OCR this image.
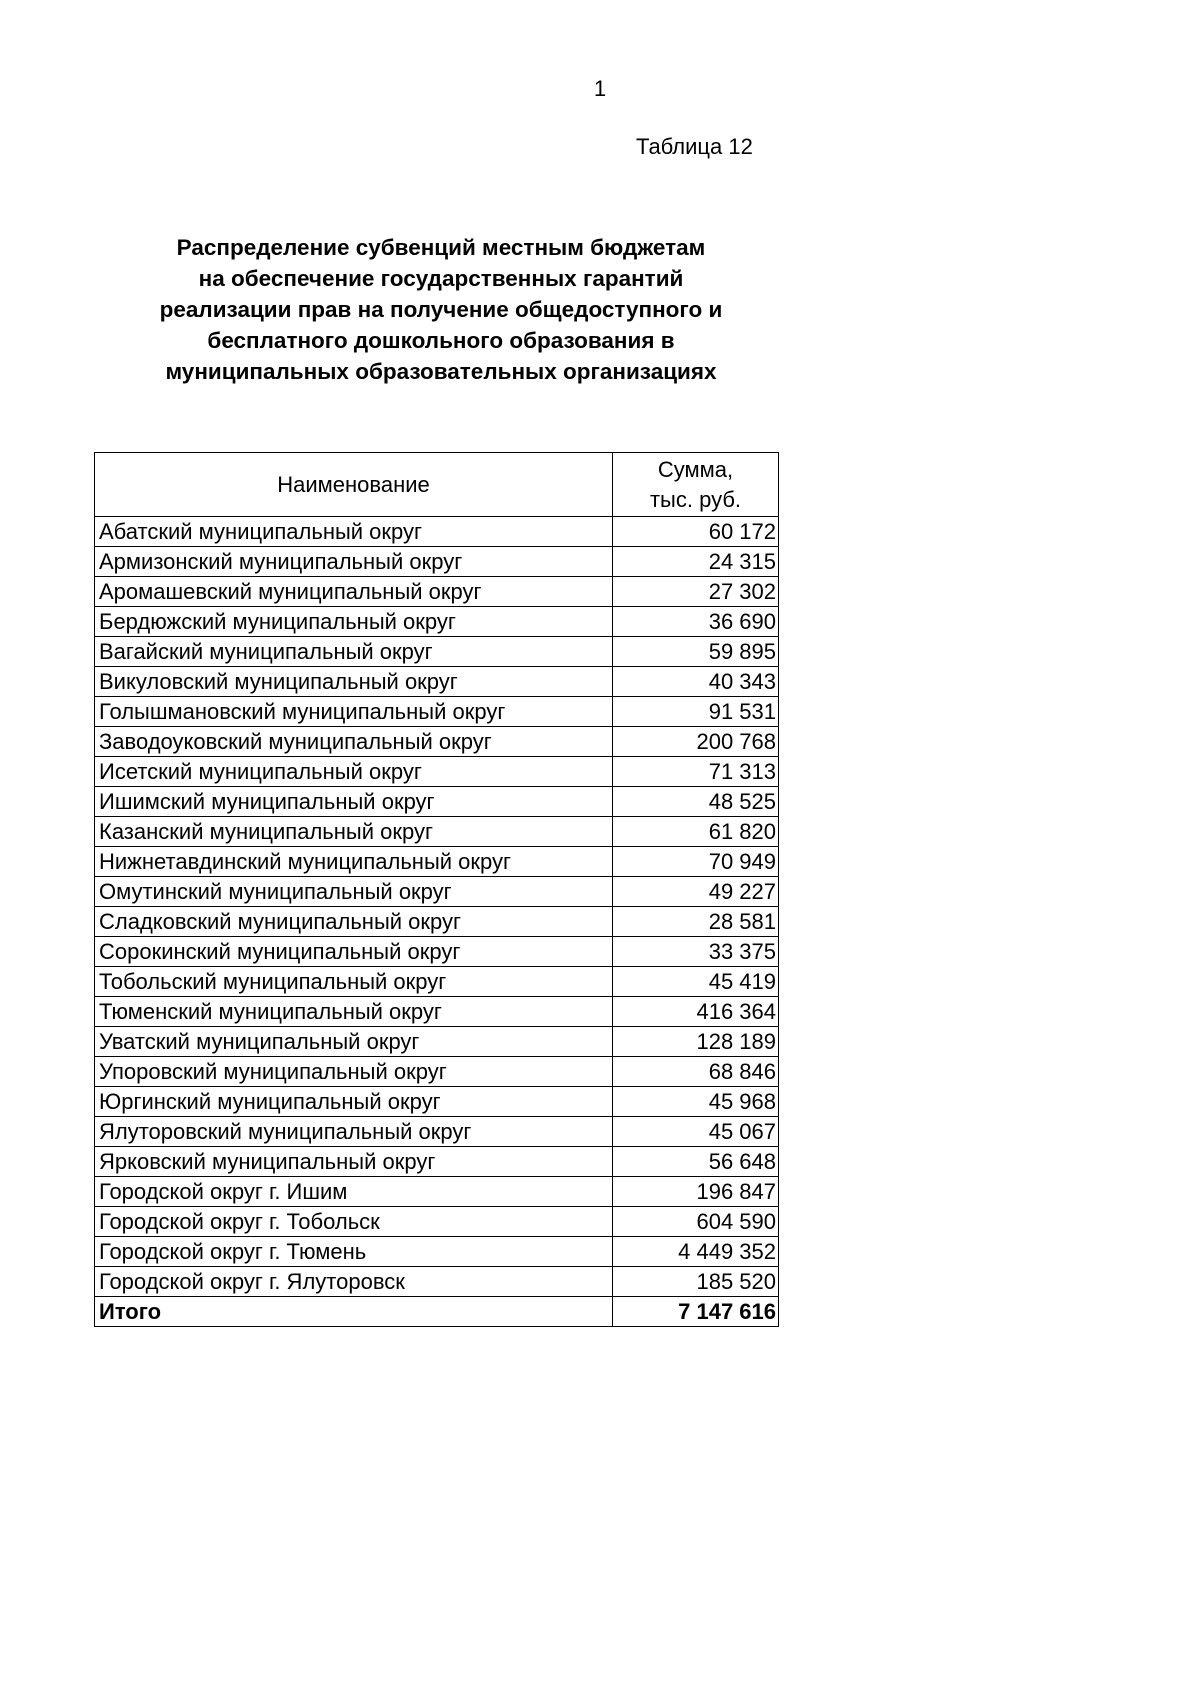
1
Таблица 12
Распределение субвенций местным бюджетам
на обеспечение государственных гарантий
реализации прав на получение общедоступного и
бесплатного дошкольного образования в
муниципальных образовательных организациях
Наименование	Сумма,
тыс. руб.

Абатский муниципальный округ	60 172
Армизонский муниципальный округ	24 315
Аромашевский муниципальный округ	27 302
Бердюжский муниципальный округ	36 690
Вагайский муниципальный округ	59 895
Викуловский муниципальный округ	40 343
Голышмановский муниципальный округ	91 531
Заводоуковский муниципальный округ	200 768
Исетский муниципальный округ	71 313
Ишимский муниципальный округ	48 525
Казанский муниципальный округ	61 820
Нижнетавдинский муниципальный округ	70 949
Омутинский муниципальный округ	49 227
Сладковский муниципальный округ	28 581
Сорокинский муниципальный округ	33 375
Тобольский муниципальный округ	45 419
Тюменский муниципальный округ	416 364
Уватский муниципальный округ	128 189
Упоровский муниципальный округ	68 846
Юргинский муниципальный округ	45 968
Ялуторовский муниципальный округ	45 067
Ярковский муниципальный округ	56 648
Городской округ г. Ишим	196 847
Городской округ г. Тобольск	604 590
Городской округ г. Тюмень	4 449 352
Городской округ г. Ялуторовск	185 520
Итого	7 147 616
